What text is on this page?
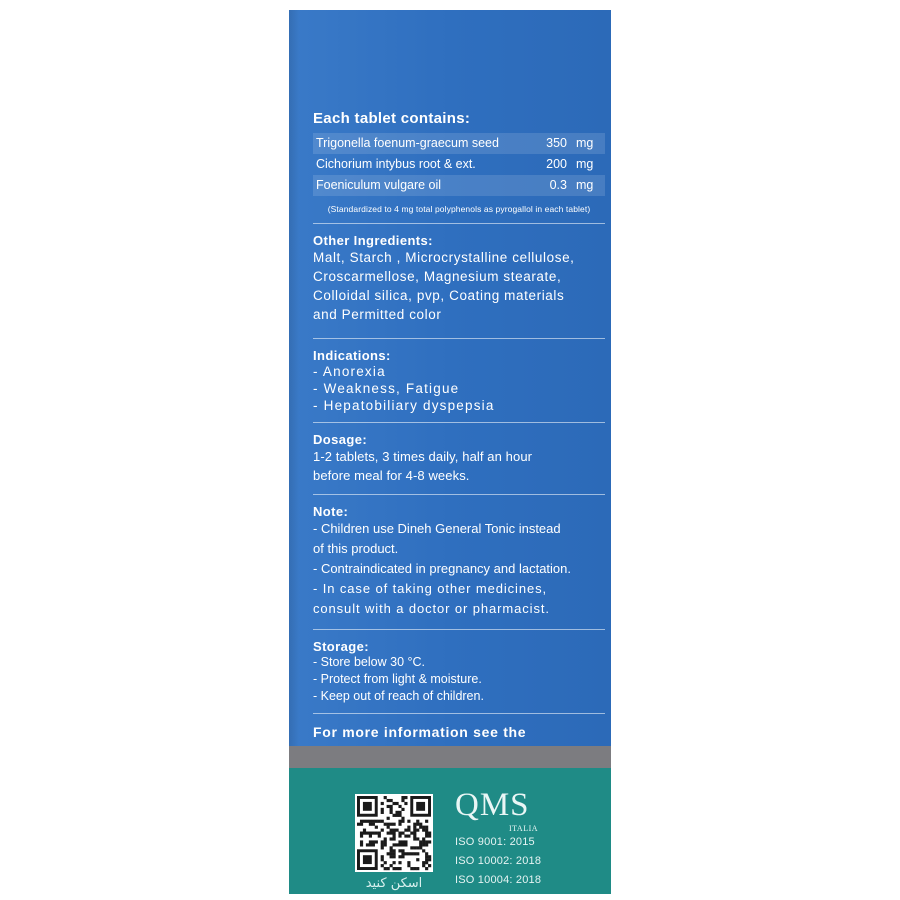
Each tablet contains:

Trigonella foenum-graecum seed	350	mg
Cichorium intybus root & ext.	200	mg
Foeniculum vulgare oil	0.3	mg

(Standardized to 4 mg total polyphenols as pyrogallol in each tablet)

Other Ingredients:

Malt, Starch , Microcrystalline cellulose,

Croscarmellose, Magnesium stearate,

Colloidal silica, pvp, Coating materials

and Permitted color

Indications:

- Anorexia

- Weakness, Fatigue

- Hepatobiliary dyspepsia

Dosage:

1-2 tablets, 3 times daily, half an hour

before meal for 4-8 weeks.

Note:

- Children use Dineh General Tonic instead

of this product.

- Contraindicated in pregnancy and lactation.

- In case of taking other medicines,

consult with a doctor or pharmacist.

Storage:

- Store below 30 °C.

- Protect from light & moisture.

- Keep out of reach of children.

For more information see the

اسکن کنید
QMS
ITALIA
ISO 9001: 2015
ISO 10002: 2018
ISO 10004: 2018
